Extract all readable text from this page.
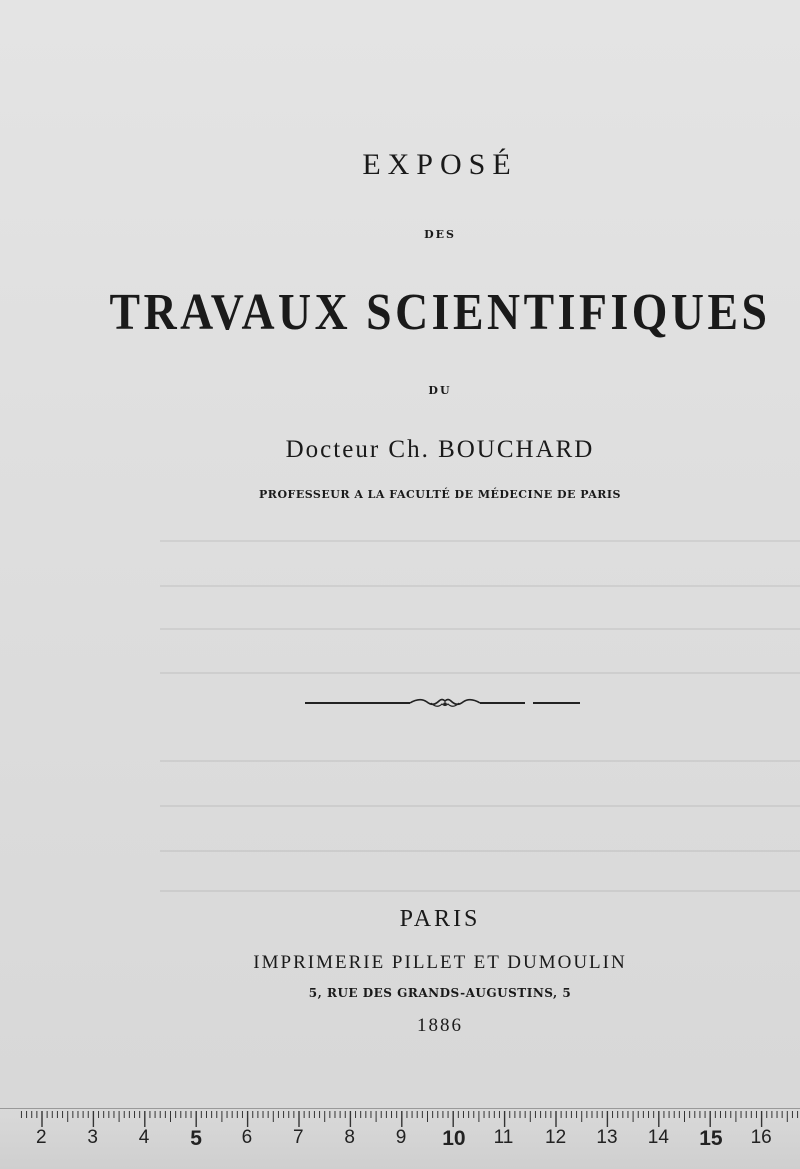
EXPOSÉ
DES
TRAVAUX SCIENTIFIQUES
DU
Docteur Ch. BOUCHARD
PROFESSEUR A LA FACULTÉ DE MÉDECINE DE PARIS
PARIS
IMPRIMERIE PILLET ET DUMOULIN
5, RUE DES GRANDS-AUGUSTINS, 5
1886
2 3 4 5 6 7 8 9 10 11 12 13 14 15 16
